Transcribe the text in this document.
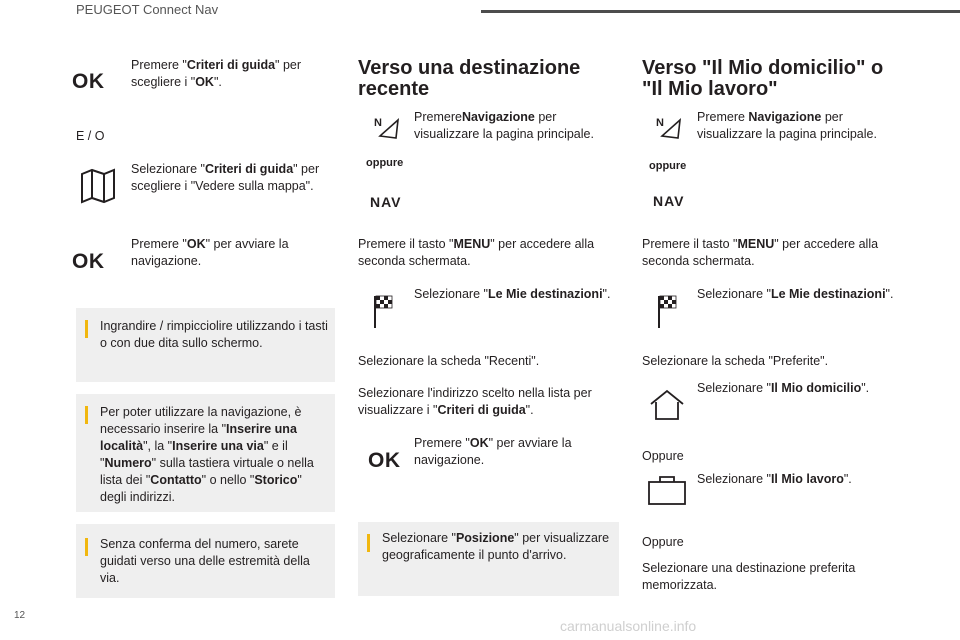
PEUGEOT Connect Nav
OK
Premere "Criteri di guida" per scegliere i "OK".
E / O
Selezionare "Criteri di guida" per scegliere i "Vedere sulla mappa".
OK
Premere "OK" per avviare la navigazione.
Ingrandire / rimpicciolire utilizzando i tasti o con due dita sullo schermo.
Per poter utilizzare la navigazione, è necessario inserire la "Inserire una località", la "Inserire una via" e il "Numero" sulla tastiera virtuale o nella lista dei "Contatto" o nello "Storico" degli indirizzi.
Senza conferma del numero, sarete guidati verso una delle estremità della via.
Verso una destinazione recente
N	PremereNavigazione per visualizzare la pagina principale.
oppure
NAV
Premere il tasto "MENU" per accedere alla seconda schermata.
Selezionare "Le Mie destinazioni".
Selezionare la scheda "Recenti".
Selezionare l'indirizzo scelto nella lista per visualizzare i "Criteri di guida".
OK
Premere "OK" per avviare la navigazione.
Selezionare "Posizione" per visualizzare geograficamente il punto d'arrivo.
Verso "Il Mio domicilio" o "Il Mio lavoro"
N	Premere Navigazione per visualizzare la pagina principale.
oppure
NAV
Premere il tasto "MENU" per accedere alla seconda schermata.
Selezionare "Le Mie destinazioni".
Selezionare la scheda "Preferite".
Selezionare "Il Mio domicilio".
Oppure
Selezionare "Il Mio lavoro".
Oppure
Selezionare una destinazione preferita memorizzata.
12
carmanualsonline.info
